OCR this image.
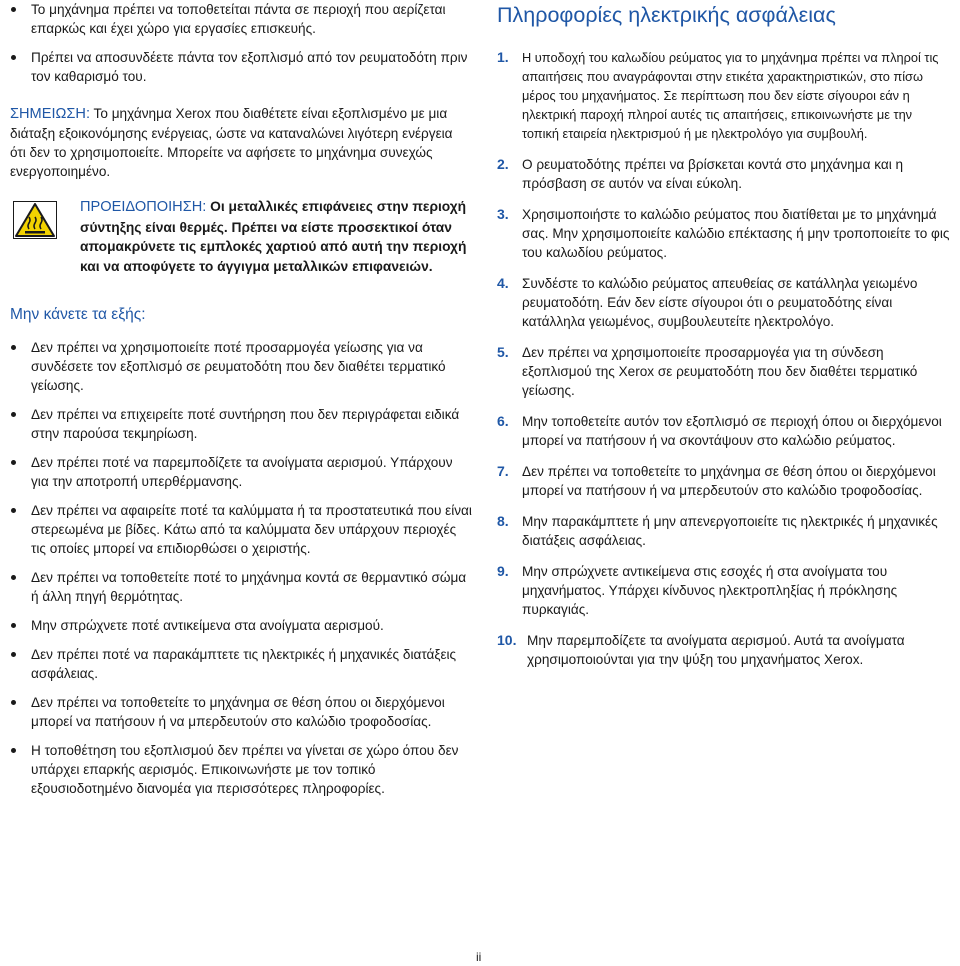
Το μηχάνημα πρέπει να τοποθετείται πάντα σε περιοχή που αερίζεται επαρκώς και έχει χώρο για εργασίες επισκευής.
Πρέπει να αποσυνδέετε πάντα τον εξοπλισμό από τον ρευματοδότη πριν τον καθαρισμό του.

ΣΗΜΕΙΩΣΗ: Το μηχάνημα Xerox που διαθέτετε είναι εξοπλισμένο με μια διάταξη εξοικονόμησης ενέργειας, ώστε να καταναλώνει λιγότερη ενέργεια ότι δεν το χρησιμοποιείτε. Μπορείτε να αφήσετε το μηχάνημα συνεχώς ενεργοποιημένο.

ΠΡΟΕΙΔΟΠΟΙΗΣΗ: Οι μεταλλικές επιφάνειες στην περιοχή σύντηξης είναι θερμές. Πρέπει να είστε προσεκτικοί όταν απομακρύνετε τις εμπλοκές χαρτιού από αυτή την περιοχή και να αποφύγετε το άγγιγμα μεταλλικών επιφανειών.
Μην κάνετε τα εξής:
Δεν πρέπει να χρησιμοποιείτε ποτέ προσαρμογέα γείωσης για να συνδέσετε τον εξοπλισμό σε ρευματοδότη που δεν διαθέτει τερματικό γείωσης.
Δεν πρέπει να επιχειρείτε ποτέ συντήρηση που δεν περιγράφεται ειδικά στην παρούσα τεκμηρίωση.
Δεν πρέπει ποτέ να παρεμποδίζετε τα ανοίγματα αερισμού. Υπάρχουν για την αποτροπή υπερθέρμανσης.
Δεν πρέπει να αφαιρείτε ποτέ τα καλύμματα ή τα προστατευτικά που είναι στερεωμένα με βίδες. Κάτω από τα καλύμματα δεν υπάρχουν περιοχές τις οποίες μπορεί να επιδιορθώσει ο χειριστής.
Δεν πρέπει να τοποθετείτε ποτέ το μηχάνημα κοντά σε θερμαντικό σώμα ή άλλη πηγή θερμότητας.
Μην σπρώχνετε ποτέ αντικείμενα στα ανοίγματα αερισμού.
Δεν πρέπει ποτέ να παρακάμπτετε τις ηλεκτρικές ή μηχανικές διατάξεις ασφάλειας.
Δεν πρέπει να τοποθετείτε το μηχάνημα σε θέση όπου οι διερχόμενοι μπορεί να πατήσουν ή να μπερδευτούν στο καλώδιο τροφοδοσίας.
Η τοποθέτηση του εξοπλισμού δεν πρέπει να γίνεται σε χώρο όπου δεν υπάρχει επαρκής αερισμός. Επικοινωνήστε με τον τοπικό εξουσιοδοτημένο διανομέα για περισσότερες πληροφορίες.
Πληροφορίες ηλεκτρικής ασφάλειας
1. Η υποδοχή του καλωδίου ρεύματος για το μηχάνημα πρέπει να πληροί τις απαιτήσεις που αναγράφονται στην ετικέτα χαρακτηριστικών, στο πίσω μέρος του μηχανήματος. Σε περίπτωση που δεν είστε σίγουροι εάν η ηλεκτρική παροχή πληροί αυτές τις απαιτήσεις, επικοινωνήστε με την τοπική εταιρεία ηλεκτρισμού ή με ηλεκτρολόγο για συμβουλή.
2. Ο ρευματοδότης πρέπει να βρίσκεται κοντά στο μηχάνημα και η πρόσβαση σε αυτόν να είναι εύκολη.
3. Χρησιμοποιήστε το καλώδιο ρεύματος που διατίθεται με το μηχάνημά σας. Μην χρησιμοποιείτε καλώδιο επέκτασης ή μην τροποποιείτε το φις του καλωδίου ρεύματος.
4. Συνδέστε το καλώδιο ρεύματος απευθείας σε κατάλληλα γειωμένο ρευματοδότη. Εάν δεν είστε σίγουροι ότι ο ρευματοδότης είναι κατάλληλα γειωμένος, συμβουλευτείτε ηλεκτρολόγο.
5. Δεν πρέπει να χρησιμοποιείτε προσαρμογέα για τη σύνδεση εξοπλισμού της Xerox σε ρευματοδότη που δεν διαθέτει τερματικό γείωσης.
6. Μην τοποθετείτε αυτόν τον εξοπλισμό σε περιοχή όπου οι διερχόμενοι μπορεί να πατήσουν ή να σκοντάψουν στο καλώδιο ρεύματος.
7. Δεν πρέπει να τοποθετείτε το μηχάνημα σε θέση όπου οι διερχόμενοι μπορεί να πατήσουν ή να μπερδευτούν στο καλώδιο τροφοδοσίας.
8. Μην παρακάμπτετε ή μην απενεργοποιείτε τις ηλεκτρικές ή μηχανικές διατάξεις ασφάλειας.
9. Μην σπρώχνετε αντικείμενα στις εσοχές ή στα ανοίγματα του μηχανήματος. Υπάρχει κίνδυνος ηλεκτροπληξίας ή πρόκλησης πυρκαγιάς.
10. Μην παρεμποδίζετε τα ανοίγματα αερισμού. Αυτά τα ανοίγματα χρησιμοποιούνται για την ψύξη του μηχανήματος Xerox.
ii
